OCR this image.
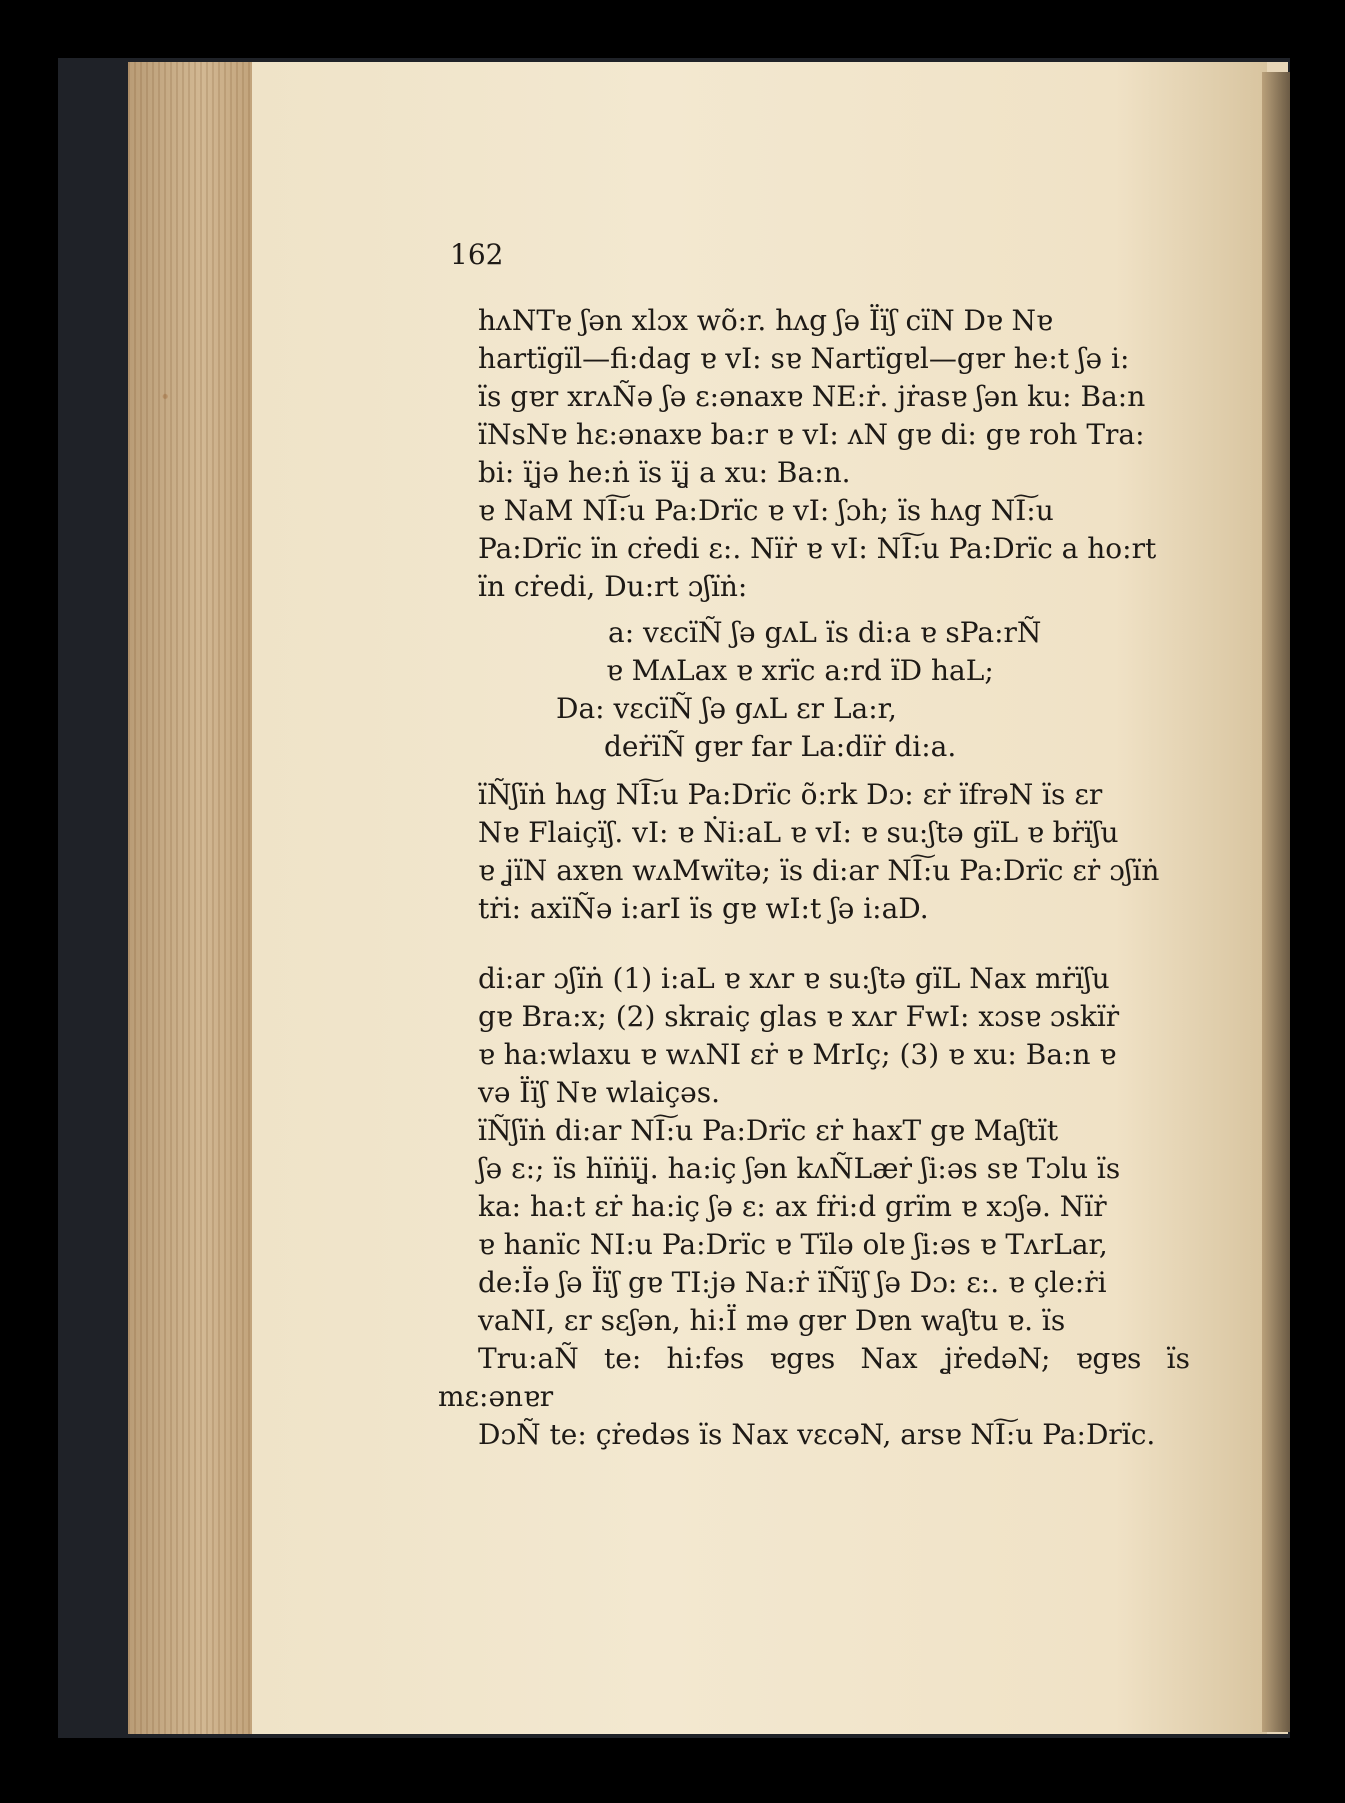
162

hʌNTɐ ʃən xlɔx wõ:r. hʌg ʃə Ïïʃ cïN Dɐ Nɐ
hartïgïl—fi:dag ɐ vI: sɐ Nartïgɐl—gɐr he:t ʃə i:
ïs gɐr xrʌÑə ʃə ɛ:ənaxɐ NE:ṙ. jṙasɐ ʃən ku: Ba:n
ïNsNɐ hɛ:ənaxɐ ba:r ɐ vI: ʌN gɐ di: gɐ roh Tra:
bi: ïʝə he:ṅ ïs ïʝ a xu: Ba:n.

ɐ NaM NI͠:u Pa:Drïc ɐ vI: ʃɔh; ïs hʌg NI͠:u
Pa:Drïc ïn cṙedi ɛ:. Nïṙ ɐ vI: NI͠:u Pa:Drïc a ho:rt
ïn cṙedi, Du:rt ɔʃïṅ:

a: vɛcïÑ ʃə gʌL ïs di:a ɐ sPa:rÑ
ɐ MʌLax ɐ xrïc a:rd ïD haL;
Da: vɛcïÑ ʃə gʌL ɛr La:r,
deṙïÑ gɐr far La:dïṙ di:a.

ïÑʃïṅ hʌg NI͠:u Pa:Drïc õ:rk Dɔ: ɛṙ ïfrəN ïs ɛr
Nɐ Flaiçïʃ. vI: ɐ Ṅi:aL ɐ vI: ɐ su:ʃtə gïL ɐ bṙïʃu
ɐ ʝïN axɐn wʌMwïtə; ïs di:ar NI͠:u Pa:Drïc ɛṙ ɔʃïṅ
tṙi: axïÑə i:arI ïs gɐ wI:t ʃə i:aD.

di:ar ɔʃïṅ (1) i:aL ɐ xʌr ɐ su:ʃtə gïL Nax mṙïʃu
gɐ Bra:x; (2) skraiç glas ɐ xʌr FwI: xɔsɐ ɔskïṙ
ɐ ha:wlaxu ɐ wʌNI ɛṙ ɐ MrIç; (3) ɐ xu: Ba:n ɐ
və Ïïʃ Nɐ wlaiçəs.

ïÑʃïṅ di:ar NI͠:u Pa:Drïc ɛṙ haxT gɐ Maʃtït
ʃə ɛ:; ïs hïṅïʝ. ha:iç ʃən kʌÑLæṙ ʃi:əs sɐ Tɔlu ïs
ka: ha:t ɛṙ ha:iç ʃə ɛ: ax fṙi:d grïm ɐ xɔʃə. Nïṙ
ɐ hanïc NI:u Pa:Drïc ɐ Tïlə olɐ ʃi:əs ɐ TʌrLar,
de:Ïə ʃə Ïïʃ gɐ TI:jə Na:ṙ ïÑïʃ ʃə Dɔ: ɛ:. ɐ çle:ṙi
vaNI, ɛr sɛʃən, hi:Ï mə gɐr Dɐn waʃtu ɐ. ïs
Tru:aÑ te: hi:fəs ɐgɐs Nax ʝṙedəN; ɐgɐs ïs mɛ:ənɐr
DɔÑ te: çṙedəs ïs Nax vɛcəN, arsɐ NI͠:u Pa:Drïc.
